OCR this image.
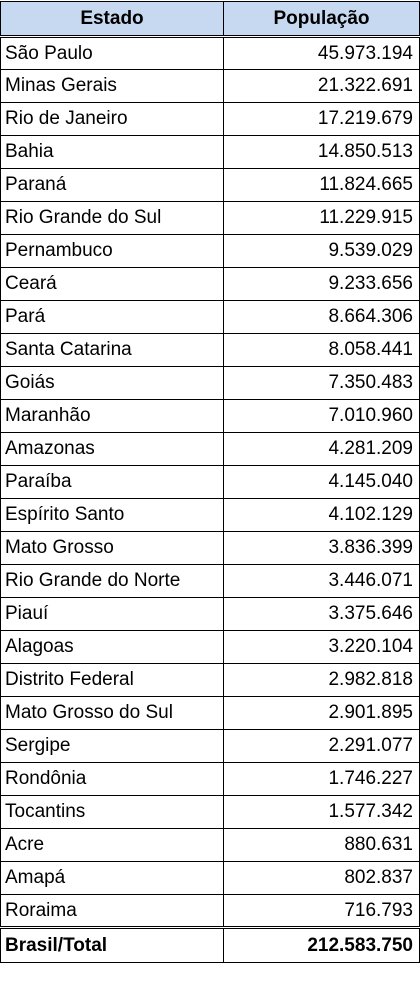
Estado	População
São Paulo	45.973.194
Minas Gerais	21.322.691
Rio de Janeiro	17.219.679
Bahia	14.850.513
Paraná	11.824.665
Rio Grande do Sul	11.229.915
Pernambuco	9.539.029
Ceará	9.233.656
Pará	8.664.306
Santa Catarina	8.058.441
Goiás	7.350.483
Maranhão	7.010.960
Amazonas	4.281.209
Paraíba	4.145.040
Espírito Santo	4.102.129
Mato Grosso	3.836.399
Rio Grande do Norte	3.446.071
Piauí	3.375.646
Alagoas	3.220.104
Distrito Federal	2.982.818
Mato Grosso do Sul	2.901.895
Sergipe	2.291.077
Rondônia	1.746.227
Tocantins	1.577.342
Acre	880.631
Amapá	802.837
Roraima	716.793
Brasil/Total	212.583.750
